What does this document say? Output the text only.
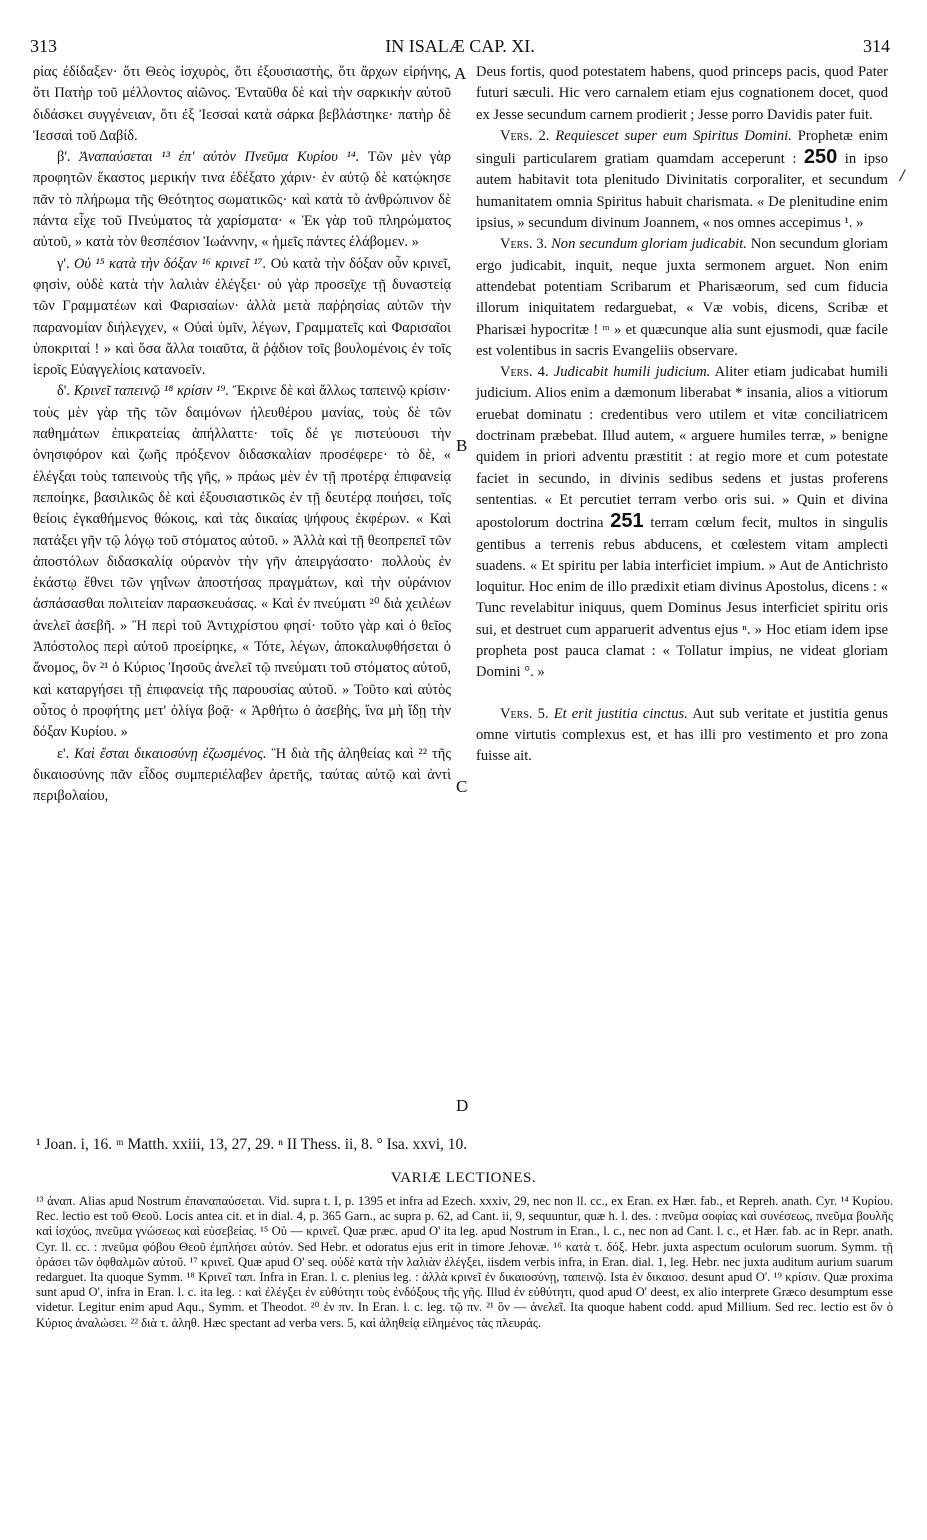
313	IN ISALÆ CAP. XI.	314
A
B
C
D
/

ρίας ἐδίδαξεν· ὅτι Θεὸς ἰσχυρὸς, ὅτι ἐξουσιαστὴς, ὅτι ἄρχων εἰρήνης, ὅτι Πατὴρ τοῦ μέλλοντος αἰῶνος. Ἐνταῦθα δὲ καὶ τὴν σαρκικὴν αὐτοῦ διδάσκει συγγένειαν, ὅτι ἐξ Ἰεσσαὶ κατὰ σάρκα βεβλάστηκε· πατὴρ δὲ Ἰεσσαὶ τοῦ Δαβίδ.

β'. Ἀναπαύσεται ¹³ ἐπ' αὐτὸν Πνεῦμα Κυρίου ¹⁴. Τῶν μὲν γὰρ προφητῶν ἕκαστος μερικήν τινα ἐδέξατο χάριν· ἐν αὐτῷ δὲ κατῴκησε πᾶν τὸ πλήρωμα τῆς Θεότητος σωματικῶς· καὶ κατὰ τὸ ἀνθρώπινον δὲ πάντα εἶχε τοῦ Πνεύματος τὰ χαρίσματα· « Ἐκ γὰρ τοῦ πληρώματος αὐτοῦ, » κατὰ τὸν θεσπέσιον Ἰωάννην, « ἡμεῖς πάντες ἐλάβομεν. »

γ'. Οὐ ¹⁵ κατὰ τὴν δόξαν ¹⁶ κρινεῖ ¹⁷. Οὐ κατὰ τὴν δόξαν οὖν κρινεῖ, φησὶν, οὐδὲ κατὰ τὴν λαλιὰν ἐλέγξει· οὐ γὰρ προσεῖχε τῇ δυναστείᾳ τῶν Γραμματέων καὶ Φαρισαίων· ἀλλὰ μετὰ παῤῥησίας αὐτῶν τὴν παρανομίαν διήλεγχεν, « Οὐαὶ ὑμῖν, λέγων, Γραμματεῖς καὶ Φαρισαῖοι ὑποκριταί ! » καὶ ὅσα ἄλλα τοιαῦτα, ἃ ῥᾴδιον τοῖς βουλομένοις ἐν τοῖς ἱεροῖς Εὐαγγελίοις κατανοεῖν.

δ'. Κρινεῖ ταπεινῷ ¹⁸ κρίσιν ¹⁹. Ἔκρινε δὲ καὶ ἄλλως ταπεινῷ κρίσιν· τοὺς μὲν γὰρ τῆς τῶν δαιμόνων ἠλευθέρου μανίας, τοὺς δὲ τῶν παθημάτων ἐπικρατείας ἀπήλλαττε· τοῖς δέ γε πιστεύουσι τὴν ὀνησιφόρον καὶ ζωῆς πρόξενον διδασκαλίαν προσέφερε· τὸ δὲ, « ἐλέγξαι τοὺς ταπεινοὺς τῆς γῆς, » πράως μὲν ἐν τῇ προτέρᾳ ἐπιφανείᾳ πεποίηκε, βασιλικῶς δὲ καὶ ἐξουσιαστικῶς ἐν τῇ δευτέρᾳ ποιήσει, τοῖς θείοις ἐγκαθήμενος θώκοις, καὶ τὰς δικαίας ψήφους ἐκφέρων. « Καὶ πατάξει γῆν τῷ λόγῳ τοῦ στόματος αὐτοῦ. » Ἀλλὰ καὶ τῇ θεοπρεπεῖ τῶν ἀποστόλων διδασκαλίᾳ οὐρανὸν τὴν γῆν ἀπειργάσατο· πολλοὺς ἐν ἑκάστῳ ἔθνει τῶν γηΐνων ἀποστήσας πραγμάτων, καὶ τὴν οὐράνιον ἀσπάσασθαι πολιτείαν παρασκευάσας. « Καὶ ἐν πνεύματι ²⁰ διὰ χειλέων ἀνελεῖ ἀσεβῆ. » Ἢ περὶ τοῦ Ἀντιχρίστου φησί· τοῦτο γὰρ καὶ ὁ θεῖος Ἀπόστολος περὶ αὐτοῦ προείρηκε, « Τότε, λέγων, ἀποκαλυφθήσεται ὁ ἄνομος, ὃν ²¹ ὁ Κύριος Ἰησοῦς ἀνελεῖ τῷ πνεύματι τοῦ στόματος αὐτοῦ, καὶ καταργήσει τῇ ἐπιφανείᾳ τῆς παρουσίας αὐτοῦ. » Τοῦτο καὶ αὐτὸς οὗτος ὁ προφήτης μετ' ὀλίγα βοᾷ· « Ἀρθήτω ὁ ἀσεβὴς, ἵνα μὴ ἴδῃ τὴν δόξαν Κυρίου. »

ε'. Καὶ ἔσται δικαιοσύνῃ ἐζωσμένος. Ἢ διὰ τῆς ἀληθείας καὶ ²² τῆς δικαιοσύνης πᾶν εἶδος συμπεριέλαβεν ἀρετῆς, ταύτας αὐτῷ καὶ ἀντὶ περιβολαίου,

Deus fortis, quod potestatem habens, quod princeps pacis, quod Pater futuri sæculi. Hic vero carnalem etiam ejus cognationem docet, quod ex Jesse secundum carnem prodierit ; Jesse porro Davidis pater fuit.

Vers. 2. Requiescet super eum Spiritus Domini. Prophetæ enim singuli particularem gratiam quamdam acceperunt : 250 in ipso autem habitavit tota plenitudo Divinitatis corporaliter, et secundum humanitatem omnia Spiritus habuit charismata. « De plenitudine enim ipsius, » secundum divinum Joannem, « nos omnes accepimus ¹. »

Vers. 3. Non secundum gloriam judicabit. Non secundum gloriam ergo judicabit, inquit, neque juxta sermonem arguet. Non enim attendebat potentiam Scribarum et Pharisæorum, sed cum fiducia illorum iniquitatem redarguebat, « Væ vobis, dicens, Scribæ et Pharisæi hypocritæ ! ᵐ » et quæcunque alia sunt ejusmodi, quæ facile est volentibus in sacris Evangeliis observare.

Vers. 4. Judicabit humili judicium. Aliter etiam judicabat humili judicium. Alios enim a dæmonum liberabat * insania, alios a vitiorum eruebat dominatu : credentibus vero utilem et vitæ conciliatricem doctrinam præbebat. Illud autem, « arguere humiles terræ, » benigne quidem in priori adventu præstitit : at regio more et cum potestate faciet in secundo, in divinis sedibus sedens et justas proferens sententias. « Et percutiet terram verbo oris sui. » Quin et divina apostolorum doctrina 251 terram cœlum fecit, multos in singulis gentibus a terrenis rebus abducens, et cœlestem vitam amplecti suadens. « Et spiritu per labia interficiet impium. » Aut de Antichristo loquitur. Hoc enim de illo prædixit etiam divinus Apostolus, dicens : « Tunc revelabitur iniquus, quem Dominus Jesus interficiet spiritu oris sui, et destruet cum apparuerit adventus ejus ⁿ. » Hoc etiam idem ipse propheta post pauca clamat : « Tollatur impius, ne videat gloriam Domini °. »

Vers. 5. Et erit justitia cinctus. Aut sub veritate et justitia genus omne virtutis complexus est, et has illi pro vestimento et pro zona fuisse ait.

¹ Joan. i, 16. ᵐ Matth. xxiii, 13, 27, 29. ⁿ II Thess. ii, 8. ° Isa. xxvi, 10.
VARIÆ LECTIONES.

¹³ ἀναπ. Alias apud Nostrum ἐπαναπαύσεται. Vid. supra t. I, p. 1395 et infra ad Ezech. xxxiv, 29, nec non ll. cc., ex Eran. ex Hær. fab., et Repreh. anath. Cyr. ¹⁴ Κυρίου. Rec. lectio est τοῦ Θεοῦ. Locis antea cit. et in dial. 4, p. 365 Garn., ac supra p. 62, ad Cant. ii, 9, sequuntur, quæ h. l. des. : πνεῦμα σοφίας καὶ συνέσεως, πνεῦμα βουλῆς καὶ ἰσχύος, πνεῦμα γνώσεως καὶ εὐσεβείας. ¹⁵ Οὐ — κρινεῖ. Quæ præc. apud O' ita leg. apud Nostrum in Eran., l. c., nec non ad Cant. l. c., et Hær. fab. ac in Repr. anath. Cyr. ll. cc. : πνεῦμα φόβου Θεοῦ ἐμπλήσει αὐτόν. Sed Hebr. et odoratus ejus erit in timore Jehovæ. ¹⁶ κατὰ τ. δόξ. Hebr. juxta aspectum oculorum suorum. Symm. τῇ ὁράσει τῶν ὀφθαλμῶν αὐτοῦ. ¹⁷ κρινεῖ. Quæ apud O' seq. οὐδὲ κατὰ τὴν λαλιὰν ἐλέγξει, iisdem verbis infra, in Eran. dial. 1, leg. Hebr. nec juxta auditum aurium suarum redarguet. Ita quoque Symm. ¹⁸ Κρινεῖ ταπ. Infra in Eran. l. c. plenius leg. : ἀλλὰ κρινεῖ ἐν δικαιοσύνῃ, ταπεινῷ. Ista ἐν δικαιοσ. desunt apud O'. ¹⁹ κρίσιν. Quæ proxima sunt apud O', infra in Eran. l. c. ita leg. : καὶ ἐλέγξει ἐν εὐθύτητι τοὺς ἐνδόξους τῆς γῆς. Illud ἐν εὐθύτητι, quod apud O' deest, ex alio interprete Græco desumptum esse videtur. Legitur enim apud Aqu., Symm. et Theodot. ²⁰ ἐν πν. In Eran. l. c. leg. τῷ πν. ²¹ ὃν — ἀνελεῖ. Ita quoque habent codd. apud Millium. Sed rec. lectio est ὃν ὁ Κύριος ἀναλώσει. ²² διὰ τ. ἀληθ. Hæc spectant ad verba vers. 5, καὶ ἀληθείᾳ εἰλημένος τὰς πλευράς.
